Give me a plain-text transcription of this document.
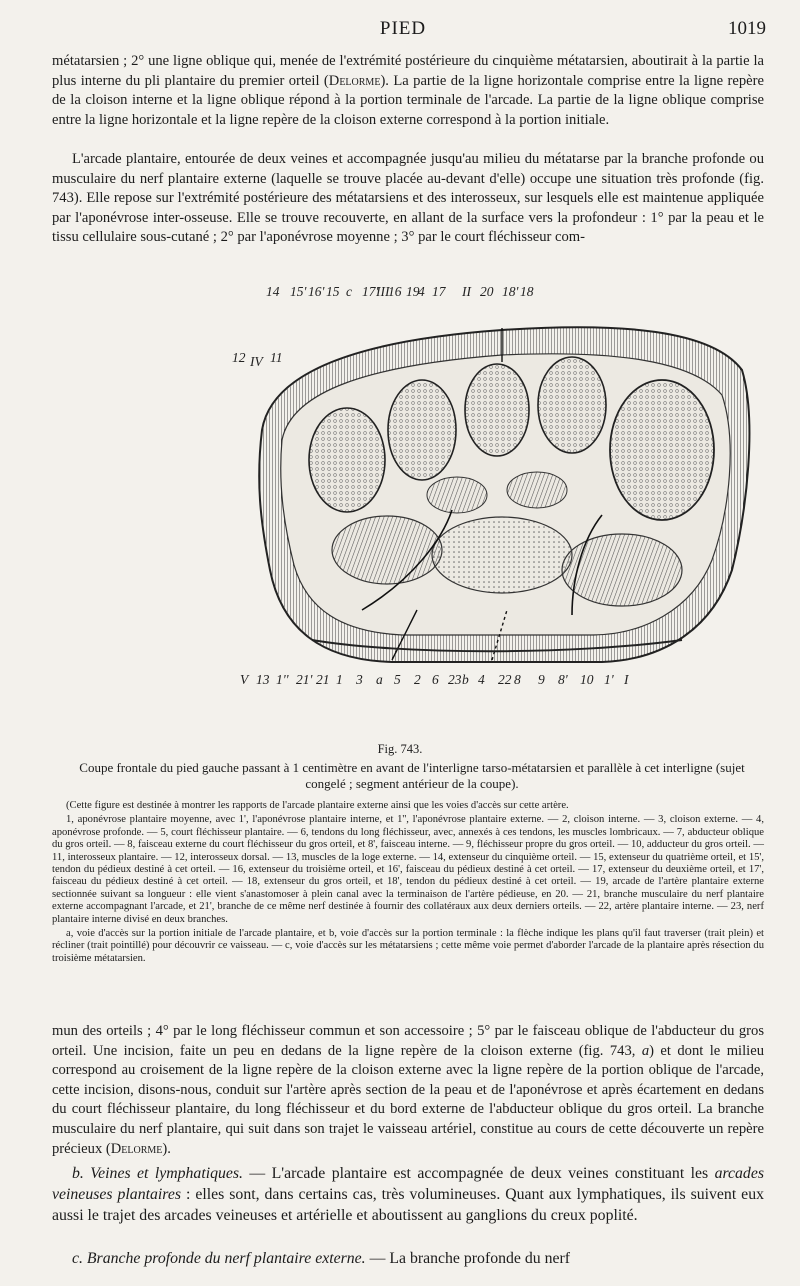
PIED	1019
métatarsien ; 2° une ligne oblique qui, menée de l'extrémité postérieure du cinquième métatarsien, aboutirait à la partie la plus interne du pli plantaire du premier orteil (Delorme). La partie de la ligne horizontale comprise entre la ligne repère de la cloison interne et la ligne oblique répond à la portion terminale de l'arcade. La partie de la ligne oblique comprise entre la ligne horizontale et la ligne repère de la cloison externe correspond à la portion initiale.
L'arcade plantaire, entourée de deux veines et accompagnée jusqu'au milieu du métatarse par la branche profonde ou musculaire du nerf plantaire externe (laquelle se trouve placée au-devant d'elle) occupe une situation très profonde (fig. 743). Elle repose sur l'extrémité postérieure des métatarsiens et des interosseux, sur lesquels elle est maintenue appliquée par l'aponévrose inter-osseuse. Elle se trouve recouverte, en allant de la surface vers la profondeur : 1° par la peau et le tissu cellulaire sous-cutané ; 2° par l'aponévrose moyenne ; 3° par le court fléchisseur com-
14 15' 16' 15 c 17'
III
16 19
4 17 II 20 18' 18
12 IV 11
V 13 1'' 21' 21 1 3 a 5 2 6 23 b 4 22 8 9 8' 10 1' I
Fig. 743.
Coupe frontale du pied gauche passant à 1 centimètre en avant de l'interligne tarso-métatarsien et parallèle à cet interligne (sujet congelé ; segment antérieur de la coupe).

(Cette figure est destinée à montrer les rapports de l'arcade plantaire externe ainsi que les voies d'accès sur cette artère.

1, aponévrose plantaire moyenne, avec 1', l'aponévrose plantaire interne, et 1'', l'aponévrose plantaire externe. — 2, cloison interne. — 3, cloison externe. — 4, aponévrose profonde. — 5, court fléchisseur plantaire. — 6, tendons du long fléchisseur, avec, annexés à ces tendons, les muscles lombricaux. — 7, abducteur oblique du gros orteil. — 8, faisceau externe du court fléchisseur du gros orteil, et 8', faisceau interne. — 9, fléchisseur propre du gros orteil. — 10, adducteur du gros orteil. — 11, interosseux plantaire. — 12, interosseux dorsal. — 13, muscles de la loge externe. — 14, extenseur du cinquième orteil. — 15, extenseur du quatrième orteil, et 15', tendon du pédieux destiné à cet orteil. — 16, extenseur du troisième orteil, et 16', faisceau du pédieux destiné à cet orteil. — 17, extenseur du deuxième orteil, et 17', faisceau du pédieux destiné à cet orteil. — 18, extenseur du gros orteil, et 18', tendon du pédieux destiné à cet orteil. — 19, arcade de l'artère plantaire externe sectionnée suivant sa longueur : elle vient s'anastomoser à plein canal avec la terminaison de l'artère pédieuse, en 20. — 21, branche musculaire du nerf plantaire externe accompagnant l'arcade, et 21', branche de ce même nerf destinée à fournir des collatéraux aux deux derniers orteils. — 22, artère plantaire interne. — 23, nerf plantaire interne divisé en deux branches.

a, voie d'accès sur la portion initiale de l'arcade plantaire, et b, voie d'accès sur la portion terminale : la flèche indique les plans qu'il faut traverser (trait plein) et récliner (trait pointillé) pour découvrir ce vaisseau. — c, voie d'accès sur les métatarsiens ; cette même voie permet d'aborder l'arcade de la plantaire après résection du troisième métatarsien.

mun des orteils ; 4° par le long fléchisseur commun et son accessoire ; 5° par le faisceau oblique de l'abducteur du gros orteil. Une incision, faite un peu en dedans de la ligne repère de la cloison externe (fig. 743, a) et dont le milieu correspond au croisement de la ligne repère de la cloison externe avec la ligne repère de la portion oblique de l'arcade, cette incision, disons-nous, conduit sur l'artère après section de la peau et de l'aponévrose et après écartement en dedans du court fléchisseur plantaire, du long fléchisseur et du bord externe de l'abducteur oblique du gros orteil. La branche musculaire du nerf plantaire, qui suit dans son trajet le vaisseau artériel, constitue au cours de cette découverte un repère précieux (Delorme).
b. Veines et lymphatiques. — L'arcade plantaire est accompagnée de deux veines constituant les arcades veineuses plantaires : elles sont, dans certains cas, très volumineuses. Quant aux lymphatiques, ils suivent eux aussi le trajet des arcades veineuses et artérielle et aboutissent au ganglions du creux poplité.
c. Branche profonde du nerf plantaire externe. — La branche profonde du nerf
